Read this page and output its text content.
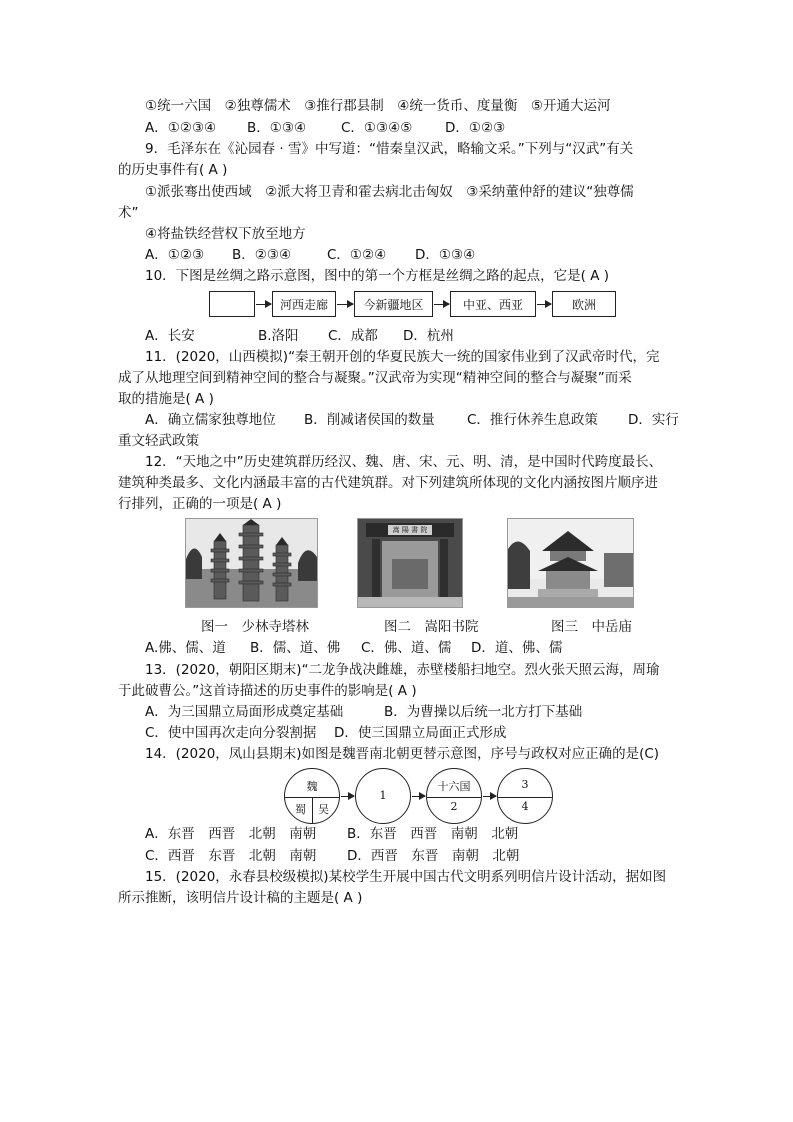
①统一六国　②独尊儒术　③推行郡县制　④统一货币、度量衡　⑤开通大运河
A．①②③④ B．①③④	C．①③④⑤ D．①②③
9．毛泽东在《沁园春 · 雪》中写道：“惜秦皇汉武，略输文采。”下列与“汉武”有关
的历史事件有( A )
①派张骞出使西域　②派大将卫青和霍去病北击匈奴　③采纳董仲舒的建议“独尊儒
术”
④将盐铁经营权下放至地方
A．①②③ B．②③④	C．①②④ D．①③④
10．下图是丝绸之路示意图，图中的第一个方框是丝绸之路的起点，它是( A )
河西走廊	今新疆地区	中亚、西亚	欧洲
A．长安	B.洛阳 C．成都 D．杭州
11．(2020，山西模拟)“秦王朝开创的华夏民族大一统的国家伟业到了汉武帝时代，完
成了从地理空间到精神空间的整合与凝聚。”汉武帝为实现“精神空间的整合与凝聚”而采
取的措施是( A )
A．确立儒家独尊地位 B．削减诸侯国的数量 C．推行休养生息政策 D．实行
重文轻武政策
12．“天地之中”历史建筑群历经汉、魏、唐、宋、元、明、清，是中国时代跨度最长、
建筑种类最多、文化内涵最丰富的古代建筑群。对下列建筑所体现的文化内涵按图片顺序进
行排列，正确的一项是( A )
嵩 陽 書 院
图一　少林寺塔林	图二　嵩阳书院	图三　中岳庙
A.佛、儒、道 B．儒、道、佛 C．佛、道、儒 D．道、佛、儒
13．(2020，朝阳区期末)“二龙争战决雌雄，赤壁楼船扫地空。烈火张天照云海，周瑜
于此破曹公。”这首诗描述的历史事件的影响是( A )
A．为三国鼎立局面形成奠定基础	B．为曹操以后统一北方打下基础
C．使中国再次走向分裂割据 D．使三国鼎立局面正式形成
14．(2020，凤山县期末)如图是魏晋南北朝更替示意图，序号与政权对应正确的是(C)
魏
蜀 吴
1
十六国
2
3
4
A．东晋　西晋　北朝　南朝 B．东晋　西晋　南朝　北朝
C．西晋　东晋　北朝　南朝 D．西晋　东晋　南朝　北朝
15．(2020，永春县校级模拟)某校学生开展中国古代文明系列明信片设计活动，据如图
所示推断，该明信片设计稿的主题是( A )
